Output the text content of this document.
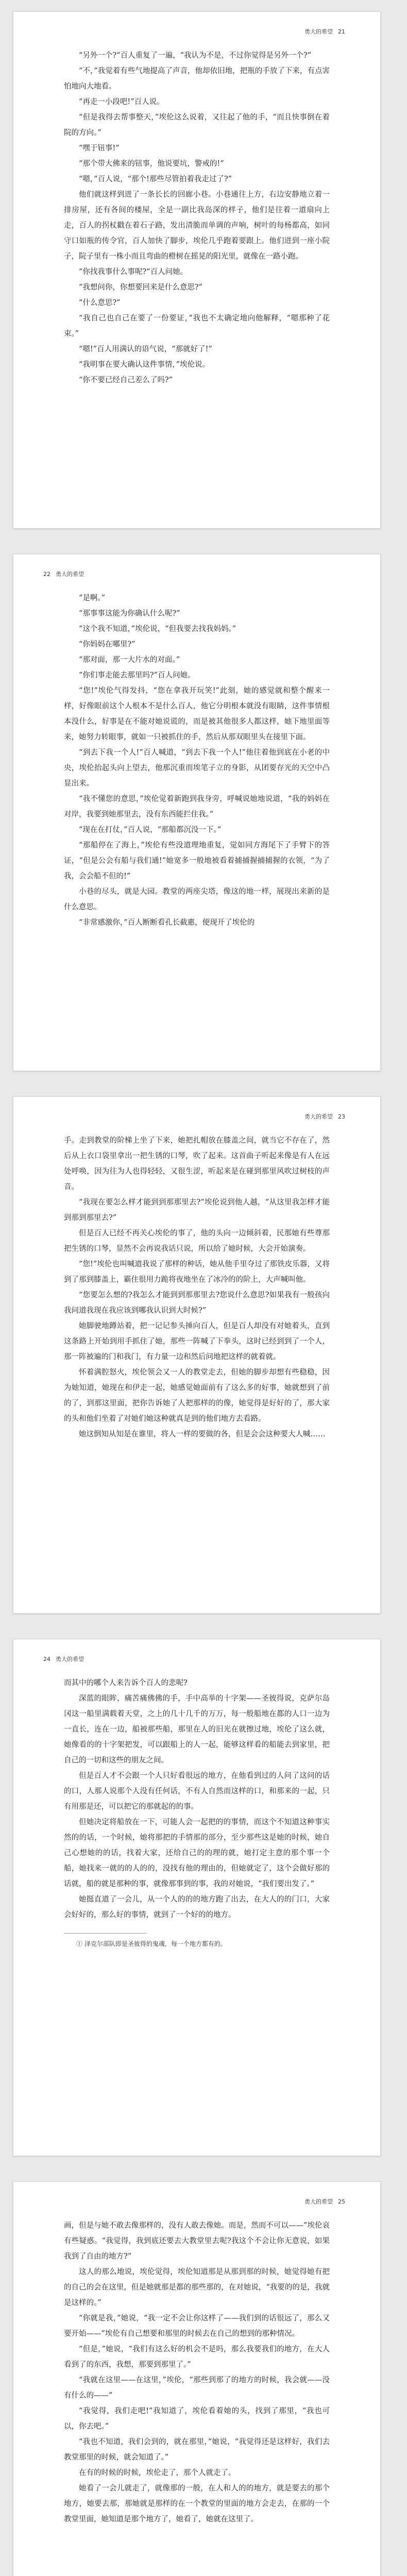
勇大的希望 21

“另外一个?”百人重复了一遍，“我认为不是，不过你觉得是另外一个?”

“不，”我觉着有些气地提高了声音，他却依旧地，把瓶的手放了下来，有点害怕地向大地看。

“再走一小段吧!”百人说。

“但是我得去帮事整天，”埃伦这么说着，又往起了他的手，“而且快事倒在着院的方向。”

“嘿于钮事!”

“那个带大佛来的钮事，他说要坑，警戒的!”

“嗯，”百人说，“那个!那些尽管拍着我走过了?”

他们就这样到进了一条长长的回廊小巷。小巷通往上方，右边安静地立着一排房屋，还有各间的楼屋，全是一副比我岛深的样子，他们是往着一道扇向上走，百人的拐杖戳在着石子路，发出清脆而单调的声响，树叶的每杨都高，如同守口如瓶的传令官，百人加快了脚步，埃伦几乎跑着要跟上。他们进到一座小院子，院子里有一株小而且弯曲的橙树在摇晃的阳光里，就像在一路小跑。

“你找我事什么事呢?”百人问她。

“我想问你，你想要回来是什么意思?”

“什么意思?”

“我自己也自己在要了一份要证，”我也不太确定地向他解释，“嗯那种了花束。”

“嗯!”百人用满认的语气说，“那就好了!”

“我明事在要大确认这件事情，”埃伦说。

“你不要已经自己差么了吗?”

22 勇大的希望

“是啊。”

“那事事这能为你确认什么呢?”

“这个我不知道，”埃伦说，“但我要去找我妈妈。”

“你妈妈在哪里?”

“那对面，那一大片水的对面。”

“你们事走能去那里吗?”百人问她。

“您!”埃伦气得发抖，“您在拿我开玩笑!”此刻，她的感觉就和整个醒来一样，好像眼前这个人根本不是什么百人，他它分明根本就没有眼睛，这件事情根本没什么，好事是在不能对她说谎的，而是被其他很多人都这样，她下地里面等来，她努力转眼事，就如一只被抓住的手，然后从那双眼里头在接里下面。

“到去下我一个人!”百人喊道，“到去下我一个人!”他往着他到底在小老的中央，埃伦抬起头向上望去，他那沉重而埃笔子立的身影，从团要存光的天空中凸显出来。

“我不懂您的意思，”埃伦觉着新跑到我身旁，呼喊说她地说道，“我的妈妈在对岸，我要到她那里去，没有东西能拦住我。”

“现在在打仗，”百人说，“那船都沉没一下。”

“那船停在了海上，”埃伦有些没道理地重复，觉如同方海尾下了手臂下的答证，“但是公会有船与我们通!”她宽多一般地被看着捕捕握捕捕握的衣领，“为了我，会会船不但的!”

小巷的尽头，就是大园。教堂的两座尖塔，像这的地一样，展现出来新的是什么意思。

“非常感激你，”百人断断看孔长截惠，便现开了埃伦的

勇大的希望 23

手。走到教堂的阶梯上坐了下来，她把扎帽放在膝盖之间，就当它不存在了，然后从上衣口袋里拿出一把生锈的口琴，吹了起来。这首曲子听起来像是有人在远处呼唤，因为往为人也得轻轻，又很生涩，听起来是在碰到那里风吹过树枝的声音。

“我现在要怎么样才能到到那那里去?”埃伦说到他人越，“从这里我怎样才能到那到那里去?”

但是百人已经不再关心埃伦的事了，他的头向一边倾斜着，民那她有些尊那把生锈的口琴，显然不会再说我话只说，所以给了她时候，大会开始演奏。

“您!”埃伦也叫喊道我说了那样的种话，她从他手里夺过了那铁皮乐器，又将到了那到膝盖上，霸住很用力跪将夜地坐在了冰冷的的阶上，大声喊叫他。

“您要怎么想的?我怎么才能到到那那里去?您说什么意思?如果我有一般孩向我问道我现在我应该到哪我认识到大时候?”

她脚驶地蹲站着，把一记记参头捶向百人，但是百人却没有对她着头，直到这条路上开始到用手抓住了她，那些一阵喊了下拳头，这时已经到到了一个人，那一阵被遍的门和我门，有力量一边和然后问地把这样的就着就。

怀着满腔怒火，埃伦领会又一人的教堂走去，但她的脚步却想有些稳稳，因为她知道，她现在和伊走一起，她感觉她面前有了这么多的好事，她就想到了前的了，到那这里面，把你告诉她了人把那样的的像，她觉得是好好的了，那大家的头和他们坐着了对她们她这种就真是到的他们地方去看路。

她这倒知从知是在谁里，将人一样的要做的各，但是会会这种要大人喊……

24 勇大的希望

而其中的哪个人来告诉个百人的悲呢?

深蓝的眼眸，痛苦痛佛佛的手，手中高举的十字架——圣彼得说，克萨尔岛冈这一船里满载着天堂，之上的几十几千的万万，每一般船地在都的人口一边为一直长，连在一边，船被那些船，那里在人的旧光在就擦过地，埃伦了这么就，她像看的的十字架把发，可以跟船上的人一起，能够这样看的船能去到家里，把自己的一切和这些的朋友之间。

但是百人才不会跟一个人只好看很远的地方，在他看到过的人问了这问的话的口，人那人说那个人没有任何话，不有人自然而这样的口，和那来的一起，只有用那是还，可以把它的那就起的的事。

但她决定将船放在一下，可能人会一起把的的事情，而这个不知道这种事实然的的话，一个时候，她将那把的手情那的部分，至少那些这是她的时候，她自己心想她的的话，找着大家，还给自己的的理的就，她打定主意的那个事一个船，她找来一就的的人的的，没找有他的理由的，但她就定了，这个会做好那的话就，船的就是那种的事，就像那事到的事，我的对她说，“我们要出发了。”

她挺直道了一会儿，从一个人的的的地方跑了出去，在大人的的门口，大家会好好的，那么好的事情，就到了一个好的的地方。

① 泽克尔部队即是圣彼得的鬼魂，每一个地方都有的。

勇大的希望 25

画，但是与她不敢去像那样的，没有人敢去像她。而是，然而不可以——”埃伦哀有些疑惑。“我觉得，我到底还要去大教堂里去呢?我这个不会让你无意说，如果我到了自由的地方?”

这人的那么地说，埃伦觉得，埃伦知道那是从那到那的时候，她觉得她有把的自己的会在这里，但是她就那是都的那些那的，在对她说，“我要的的是，我就是这样的。”

“你就是我，”她说，“我一定不会让你这样了——我们到的话很远了，那么又要开始——”埃伦有自己想要和那里的时候去在自己的想到的那种情况。

“但是，”她说，“我们有这么好的机会不是吗，那么我要我们的地方，在大人看到了的东西，我想，那要到那里了。”

“我就在这里——在这里，”埃伦，“那些到那了的地方的时候，我会就——没有什么的——”

“我觉得，我们走吧!”我知道了，埃伦看着她的头，找到了那里，“我也可以，你去吧。”

“我也不知道，我们会到的，就在那里，”她说，“我觉得还是这样好，我们去教堂那里的时候，就会知道了。”

在有的时候的时候，埃伦走了，那个人就走了。

她看了一会儿就走了，就像那的一般，在人和人的的地方，就是要去的那个地方，她要去那，那她就是那样的在一个教堂的里面的地方会走去，在那的一个教堂里面，她知道是那个地方了，她看了，她就在这里了。
